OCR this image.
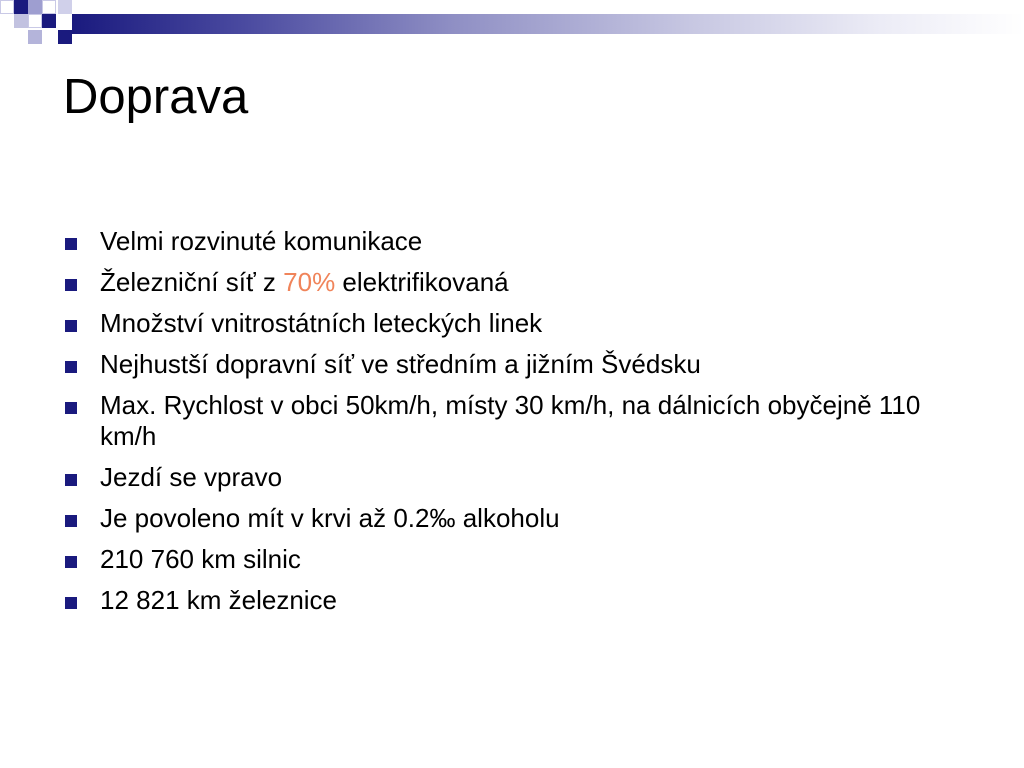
Doprava
Velmi rozvinuté komunikace
Železniční síť z 70% elektrifikovaná
Množství vnitrostátních leteckých linek
Nejhustší dopravní síť ve středním a jižním Švédsku
Max. Rychlost v obci 50km/h, místy 30 km/h, na dálnicích obyčejně 110 km/h
Jezdí se vpravo
Je povoleno mít v krvi až 0.2‰ alkoholu
210 760 km silnic
12 821 km železnice
